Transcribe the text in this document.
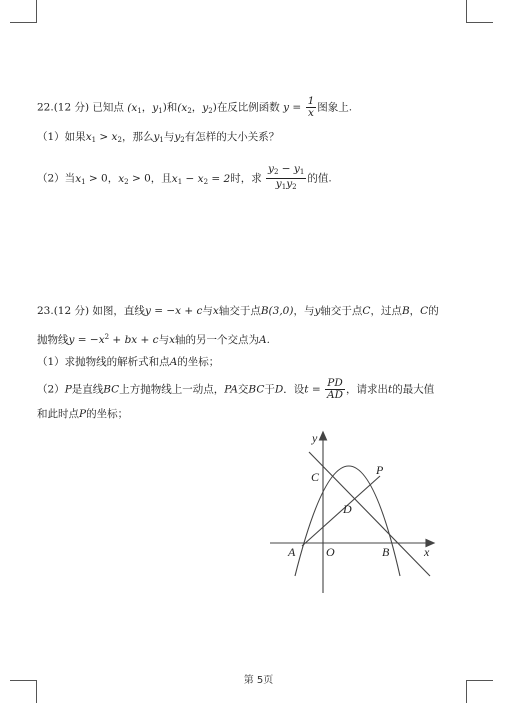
22.(12 分) 已知点 ($x_1$，$y_1$)和($x_2$，$y_2$)在反比例函数 $y = \frac{1}{x}$ 图象上.
（1）如果$x_1 > x_2$，那么$y_1$与$y_2$有怎样的大小关系？
（2）当$x_1 > 0$，$x_2 > 0$，且$x_1 - x_2 = 2$时，求 $\frac{y_2 - y_1}{y_1y_2}$ 的值.
23.(12 分) 如图，直线y = −x + c与x轴交于点B(3,0)，与y轴交于点C，过点B，C的
抛物线$y = -x^2$ + bx + c与x轴的另一个交点为A.
（1）求抛物线的解析式和点A的坐标；
（2）P是直线BC上方抛物线上一动点，PA交BC于D．设$t = \frac{PD}{AD}$ ，请求出t的最大值
和此时点P的坐标；
y
x
O
A	B
C
D
P
第 5页
